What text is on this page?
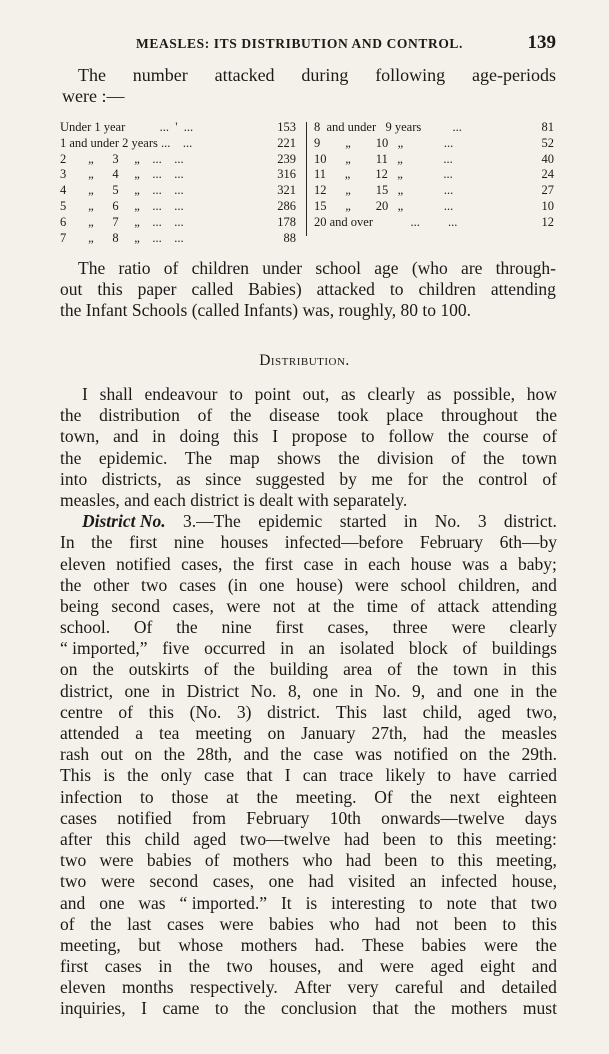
MEASLES: ITS DISTRIBUTION AND CONTROL.	139
The number attacked during following age-periods
were :—
Under 1 year           ...  '  ...	153
1 and under 2 years ...    ...	221
2       „      3     „    ...    ...	239
3       „      4     „    ...    ...	316
4       „      5     „    ...    ...	321
5       „      6     „    ...    ...	286
6       „      7     „    ...    ...	178
7       „      8     „    ...    ...	88
8  and under   9 years          ...	81
9        „        10   „             ...	52
10      „        11   „             ...	40
11      „        12   „             ...	24
12      „        15   „             ...	27
15      „        20   „             ...	10
20 and over            ...         ...	12
The ratio of children under school age (who are through-
out this paper called Babies) attacked to children attending
the Infant Schools (called Infants) was, roughly, 80 to 100.
Distribution.
I shall endeavour to point out, as clearly as possible, how
the distribution of the disease took place throughout the
town, and in doing this I propose to follow the course of
the epidemic. The map shows the division of the town
into districts, as since suggested by me for the control of
measles, and each district is dealt with separately.
District No. 3.—The epidemic started in No. 3 district.
In the first nine houses infected—before February 6th—by
eleven notified cases, the first case in each house was a baby;
the other two cases (in one house) were school children, and
being second cases, were not at the time of attack attending
school. Of the nine first cases, three were clearly
“ imported,” five occurred in an isolated block of buildings
on the outskirts of the building area of the town in this
district, one in District No. 8, one in No. 9, and one in the
centre of this (No. 3) district. This last child, aged two,
attended a tea meeting on January 27th, had the measles
rash out on the 28th, and the case was notified on the 29th.
This is the only case that I can trace likely to have carried
infection to those at the meeting. Of the next eighteen
cases notified from February 10th onwards—twelve days
after this child aged two—twelve had been to this meeting:
two were babies of mothers who had been to this meeting,
two were second cases, one had visited an infected house,
and one was “ imported.” It is interesting to note that two
of the last cases were babies who had not been to this
meeting, but whose mothers had. These babies were the
first cases in the two houses, and were aged eight and
eleven months respectively. After very careful and detailed
inquiries, I came to the conclusion that the mothers must
